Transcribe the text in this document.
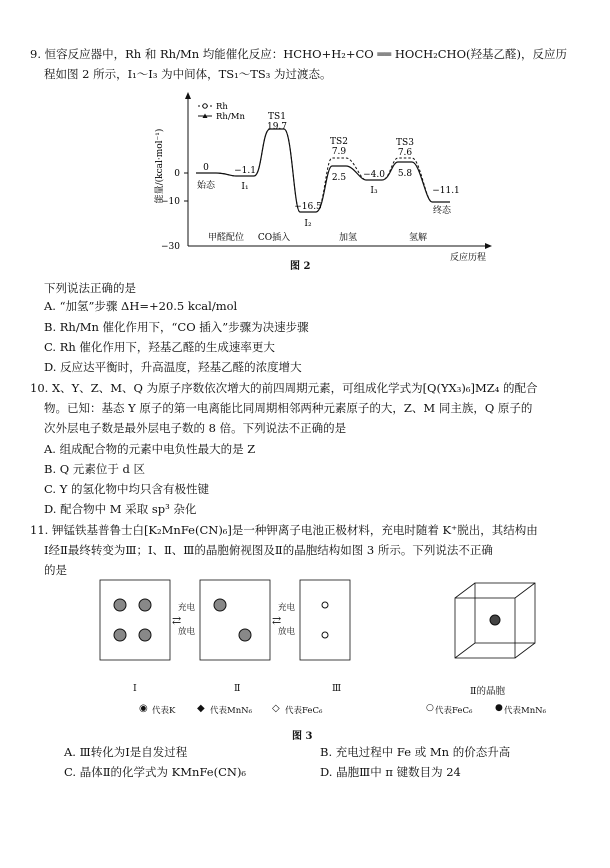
9. 恒容反应器中，Rh 和 Rh/Mn 均能催化反应：HCHO+H₂+CO ══ HOCH₂CHO(羟基乙醛)，反应历
程如图 2 所示，I₁～I₃ 为中间体，TS₁～TS₃ 为过渡态。
0
−10
−30
能量/(kcal·mol⁻¹)
Rh
Rh/Mn
0	−1.1
TS1
19.7
−16.5
TS2
7.9
2.5 −4.0
TS3
7.6
5.8
−11.1
始态	I₁
I₂
I₃
终态
甲醛配位 CO插入	加氢	氢解
反应历程
图 2
下列说法正确的是
A. “加氢”步骤 ΔH=+20.5 kcal/mol
B. Rh/Mn 催化作用下，“CO 插入”步骤为决速步骤
C. Rh 催化作用下，羟基乙醛的生成速率更大
D. 反应达平衡时，升高温度，羟基乙醛的浓度增大
10. X、Y、Z、M、Q 为原子序数依次增大的前四周期元素，可组成化学式为[Q(YX₃)₆]MZ₄ 的配合
物。已知：基态 Y 原子的第一电离能比同周期相邻两种元素原子的大，Z、M 同主族，Q 原子的
次外层电子数是最外层电子数的 8 倍。下列说法不正确的是
A. 组成配合物的元素中电负性最大的是 Z
B. Q 元素位于 d 区
C. Y 的氢化物中均只含有极性键
D. 配合物中 M 采取 sp³ 杂化
11. 钾锰铁基普鲁士白[K₂MnFe(CN)₆]是一种钾离子电池正极材料，充电时随着 K⁺脱出，其结构由
Ⅰ经Ⅱ最终转变为Ⅲ；Ⅰ、Ⅱ、Ⅲ的晶胞俯视图及Ⅱ的晶胞结构如图 3 所示。下列说法不正确
的是
充电
⇄
放电
充电
⇄
放电
Ⅰ	Ⅱ	Ⅲ	Ⅱ的晶胞
◉ 代表K ◆ 代表MnN₆ ◇ 代表FeC₆	○ 代表FeC₆	● 代表MnN₆
图 3
A. Ⅲ转化为Ⅰ是自发过程	B. 充电过程中 Fe 或 Mn 的价态升高
C. 晶体Ⅱ的化学式为 KMnFe(CN)₆	D. 晶胞Ⅲ中 π 键数目为 24
